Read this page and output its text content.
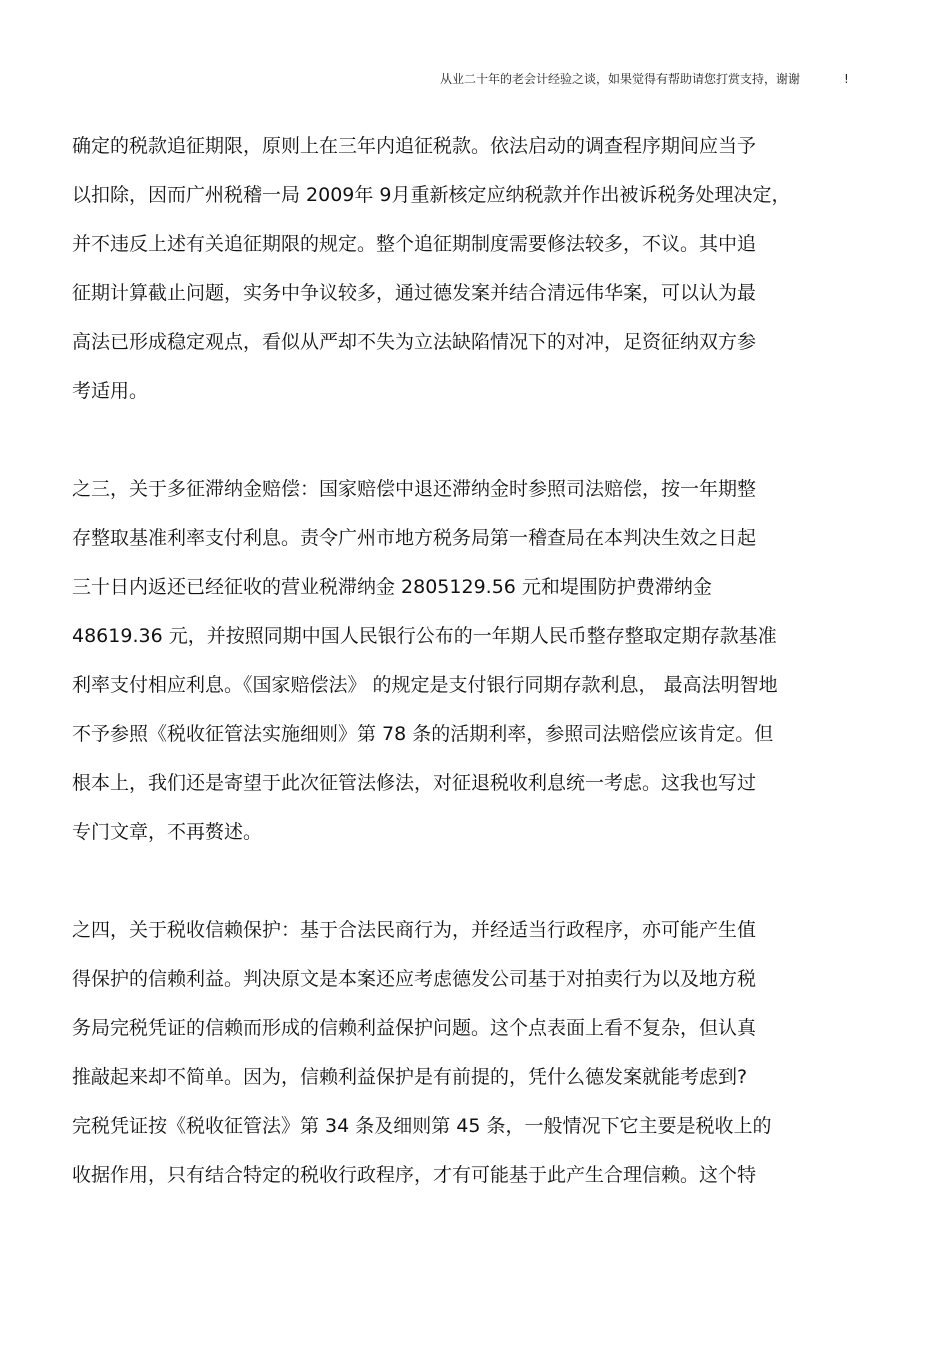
从业二十年的老会计经验之谈，如果觉得有帮助请您打赏支持，谢谢	!
确定的税款追征期限，原则上在三年内追征税款。依法启动的调查程序期间应当予
以扣除，因而广州税稽一局 2009年 9月重新核定应纳税款并作出被诉税务处理决定，
并不违反上述有关追征期限的规定。整个追征期制度需要修法较多，不议。其中追
征期计算截止问题，实务中争议较多，通过德发案并结合清远伟华案，可以认为最
高法已形成稳定观点，看似从严却不失为立法缺陷情况下的对冲，足资征纳双方参
考适用。
之三，关于多征滞纳金赔偿：国家赔偿中退还滞纳金时参照司法赔偿，按一年期整
存整取基准利率支付利息。责令广州市地方税务局第一稽查局在本判决生效之日起
三十日内返还已经征收的营业税滞纳金 2805129.56 元和堤围防护费滞纳金
48619.36 元，并按照同期中国人民银行公布的一年期人民币整存整取定期存款基准
利率支付相应利息。《国家赔偿法》 的规定是支付银行同期存款利息， 最高法明智地
不予参照《税收征管法实施细则》第 78 条的活期利率，参照司法赔偿应该肯定。但
根本上，我们还是寄望于此次征管法修法，对征退税收利息统一考虑。这我也写过
专门文章，不再赘述。
之四，关于税收信赖保护：基于合法民商行为，并经适当行政程序，亦可能产生值
得保护的信赖利益。判决原文是本案还应考虑德发公司基于对拍卖行为以及地方税
务局完税凭证的信赖而形成的信赖利益保护问题。这个点表面上看不复杂，但认真
推敲起来却不简单。因为，信赖利益保护是有前提的，凭什么德发案就能考虑到?
完税凭证按《税收征管法》第 34 条及细则第 45 条，一般情况下它主要是税收上的
收据作用，只有结合特定的税收行政程序，才有可能基于此产生合理信赖。这个特
